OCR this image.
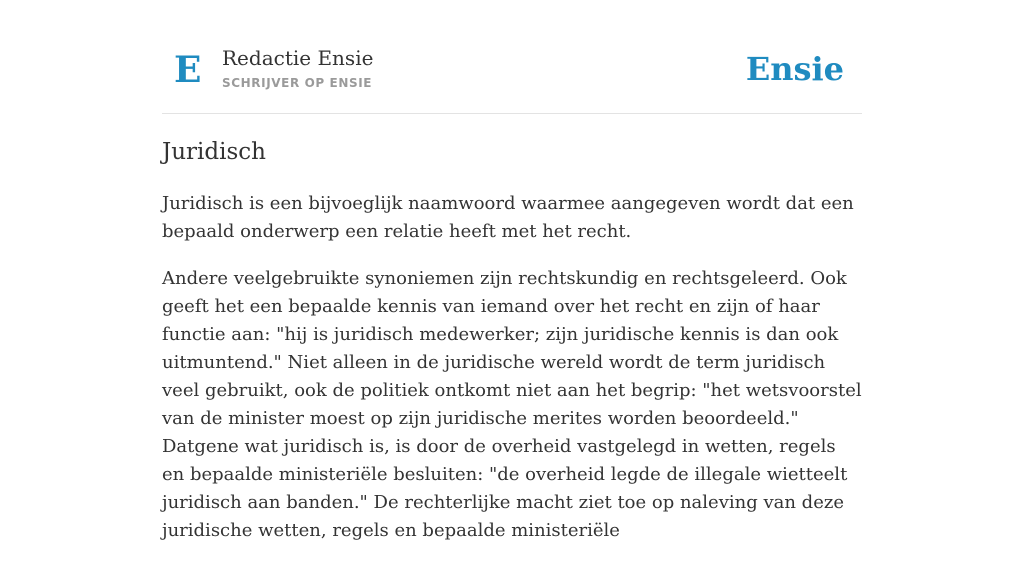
E Redactie Ensie
SCHRIJVER OP ENSIE	Ensie
Juridisch

Juridisch is een bijvoeglijk naamwoord waarmee aangegeven wordt dat een bepaald onderwerp een relatie heeft met het recht.

Andere veelgebruikte synoniemen zijn rechtskundig en rechtsgeleerd. Ook geeft het een bepaalde kennis van iemand over het recht en zijn of haar functie aan: "hij is juridisch medewerker; zijn juridische kennis is dan ook uitmuntend." Niet alleen in de juridische wereld wordt de term juridisch veel gebruikt, ook de politiek ontkomt niet aan het begrip: "het wetsvoorstel van de minister moest op zijn juridische merites worden beoordeeld." Datgene wat juridisch is, is door de overheid vastgelegd in wetten, regels en bepaalde ministeriële besluiten: "de overheid legde de illegale wietteelt juridisch aan banden." De rechterlijke macht ziet toe op naleving van deze juridische wetten, regels en bepaalde ministeriële
